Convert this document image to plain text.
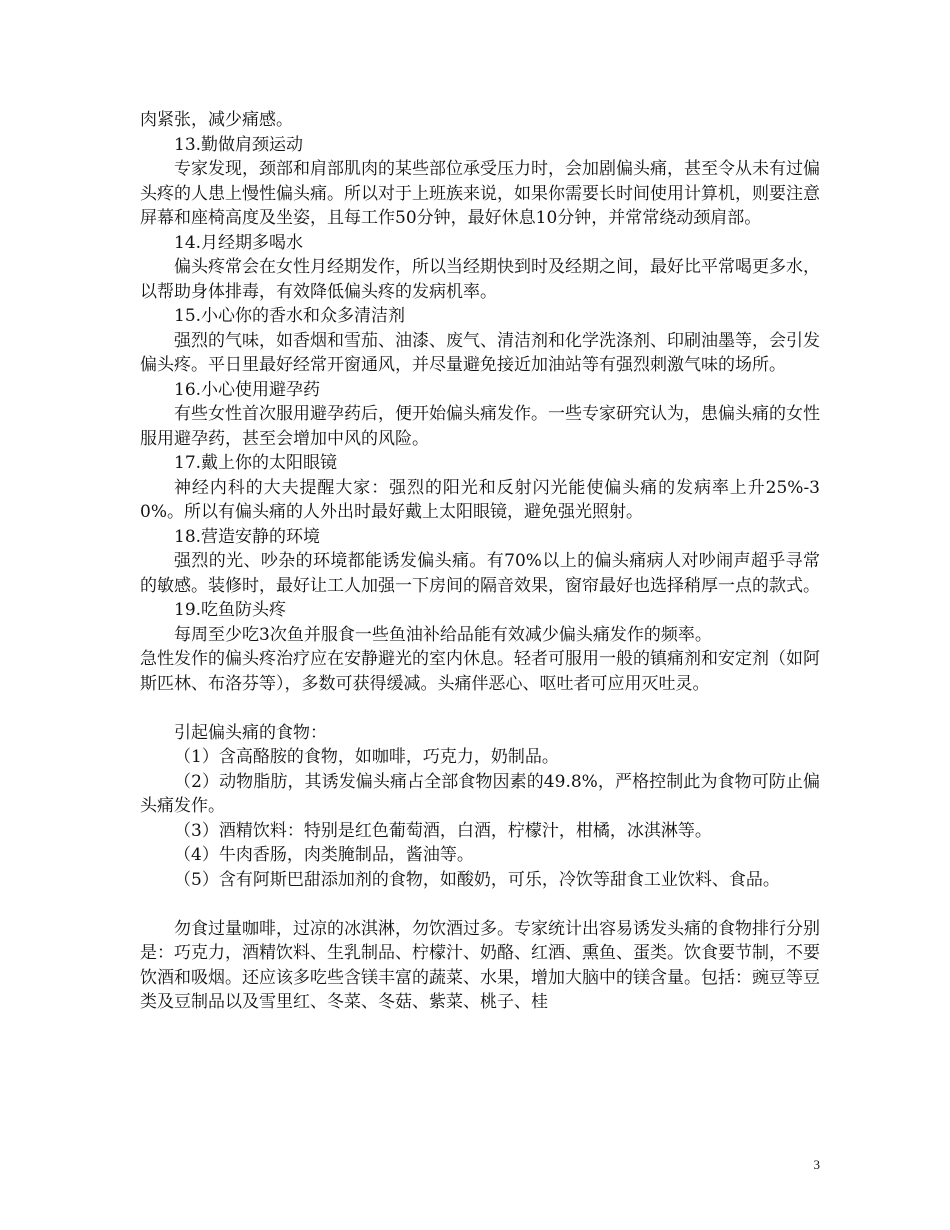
肉紧张，减少痛感。

13.勤做肩颈运动

专家发现，颈部和肩部肌肉的某些部位承受压力时，会加剧偏头痛，甚至令从未有过偏头疼的人患上慢性偏头痛。所以对于上班族来说，如果你需要长时间使用计算机，则要注意屏幕和座椅高度及坐姿，且每工作50分钟，最好休息10分钟，并常常绕动颈肩部。

14.月经期多喝水

偏头疼常会在女性月经期发作，所以当经期快到时及经期之间，最好比平常喝更多水，以帮助身体排毒，有效降低偏头疼的发病机率。

15.小心你的香水和众多清洁剂

强烈的气味，如香烟和雪茄、油漆、废气、清洁剂和化学洗涤剂、印刷油墨等，会引发偏头疼。平日里最好经常开窗通风，并尽量避免接近加油站等有强烈刺激气味的场所。

16.小心使用避孕药

有些女性首次服用避孕药后，便开始偏头痛发作。一些专家研究认为，患偏头痛的女性服用避孕药，甚至会增加中风的风险。

17.戴上你的太阳眼镜

神经内科的大夫提醒大家：强烈的阳光和反射闪光能使偏头痛的发病率上升25%-30%。所以有偏头痛的人外出时最好戴上太阳眼镜，避免强光照射。

18.营造安静的环境

强烈的光、吵杂的环境都能诱发偏头痛。有70%以上的偏头痛病人对吵闹声超乎寻常的敏感。装修时，最好让工人加强一下房间的隔音效果，窗帘最好也选择稍厚一点的款式。

19.吃鱼防头疼

每周至少吃3次鱼并服食一些鱼油补给品能有效减少偏头痛发作的频率。

急性发作的偏头疼治疗应在安静避光的室内休息。轻者可服用一般的镇痛剂和安定剂（如阿斯匹林、布洛芬等），多数可获得缓减。头痛伴恶心、呕吐者可应用灭吐灵。

引起偏头痛的食物：

（1）含高酪胺的食物，如咖啡，巧克力，奶制品。

（2）动物脂肪，其诱发偏头痛占全部食物因素的49.8%，严格控制此为食物可防止偏头痛发作。

（3）酒精饮料：特别是红色葡萄酒，白酒，柠檬汁，柑橘，冰淇淋等。

（4）牛肉香肠，肉类腌制品，酱油等。

（5）含有阿斯巴甜添加剂的食物，如酸奶，可乐，冷饮等甜食工业饮料、食品。

勿食过量咖啡，过凉的冰淇淋，勿饮酒过多。专家统计出容易诱发头痛的食物排行分别是：巧克力，酒精饮料、生乳制品、柠檬汁、奶酪、红酒、熏鱼、蛋类。饮食要节制，不要饮酒和吸烟。还应该多吃些含镁丰富的蔬菜、水果，增加大脑中的镁含量。包括：豌豆等豆类及豆制品以及雪里红、冬菜、冬菇、紫菜、桃子、桂

3
